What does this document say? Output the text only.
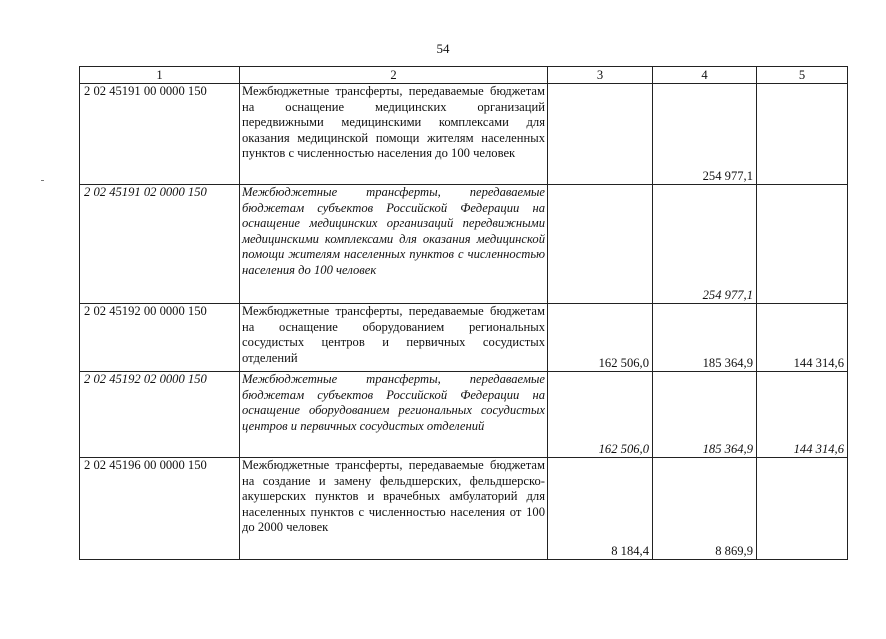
54
1	2	3	4	5
2 02 45191 00 0000 150	Межбюджетные трансферты, передаваемые бюджетам на оснащение медицинских организаций передвижными медицинскими комплексами для оказания медицинской помощи жителям населенных пунктов с численностью населения до 100 человек		254 977,1	
2 02 45191 02 0000 150	Межбюджетные трансферты, передаваемые бюджетам субъектов Российской Федерации на оснащение медицинских организаций передвижными медицинскими комплексами для оказания медицинской помощи жителям населенных пунктов с численностью населения до 100 человек		254 977,1	
2 02 45192 00 0000 150	Межбюджетные трансферты, передаваемые бюджетам на оснащение оборудованием региональных сосудистых центров и первичных сосудистых отделений	162 506,0	185 364,9	144 314,6
2 02 45192 02 0000 150	Межбюджетные трансферты, передаваемые бюджетам субъектов Российской Федерации на оснащение оборудованием региональных сосудистых центров и первичных сосудистых отделений	162 506,0	185 364,9	144 314,6
2 02 45196 00 0000 150	Межбюджетные трансферты, передаваемые бюджетам на создание и замену фельдшерских, фельдшерско-акушерских пунктов и врачебных амбулаторий для населенных пунктов с численностью населения от 100 до 2000 человек	8 184,4	8 869,9	
